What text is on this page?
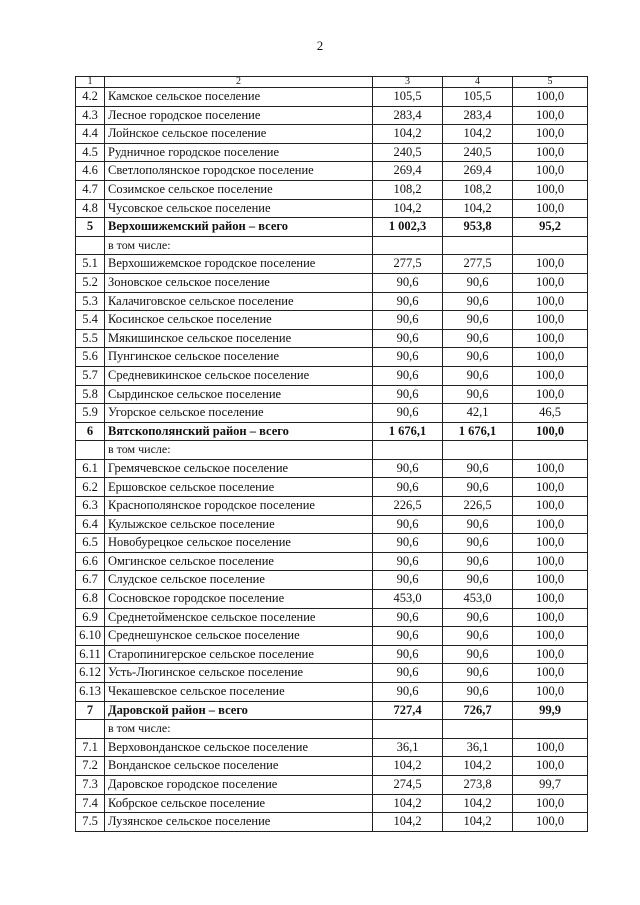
2
1	2	3	4	5
4.2	Камское сельское поселение	105,5	105,5	100,0
4.3	Лесное городское поселение	283,4	283,4	100,0
4.4	Лойнское сельское поселение	104,2	104,2	100,0
4.5	Рудничное городское поселение	240,5	240,5	100,0
4.6	Светлополянское городское поселение	269,4	269,4	100,0
4.7	Созимское сельское поселение	108,2	108,2	100,0
4.8	Чусовское сельское поселение	104,2	104,2	100,0
5	Верхошижемский район – всего	1 002,3	953,8	95,2
	в том числе:			
5.1	Верхошижемское городское поселение	277,5	277,5	100,0
5.2	Зоновское сельское поселение	90,6	90,6	100,0
5.3	Калачиговское сельское поселение	90,6	90,6	100,0
5.4	Косинское сельское поселение	90,6	90,6	100,0
5.5	Мякишинское сельское поселение	90,6	90,6	100,0
5.6	Пунгинское сельское поселение	90,6	90,6	100,0
5.7	Средневикинское сельское поселение	90,6	90,6	100,0
5.8	Сырдинское сельское поселение	90,6	90,6	100,0
5.9	Угорское сельское поселение	90,6	42,1	46,5
6	Вятскополянский район – всего	1 676,1	1 676,1	100,0
	в том числе:			
6.1	Гремячевское сельское поселение	90,6	90,6	100,0
6.2	Ершовское сельское поселение	90,6	90,6	100,0
6.3	Краснополянское городское поселение	226,5	226,5	100,0
6.4	Кулыжское сельское поселение	90,6	90,6	100,0
6.5	Новобурецкое сельское поселение	90,6	90,6	100,0
6.6	Омгинское сельское поселение	90,6	90,6	100,0
6.7	Слудское сельское поселение	90,6	90,6	100,0
6.8	Сосновское городское поселение	453,0	453,0	100,0
6.9	Среднетойменское сельское поселение	90,6	90,6	100,0
6.10	Среднешунское сельское поселение	90,6	90,6	100,0
6.11	Старопинигерское сельское поселение	90,6	90,6	100,0
6.12	Усть-Люгинское сельское поселение	90,6	90,6	100,0
6.13	Чекашевское сельское поселение	90,6	90,6	100,0
7	Даровской район – всего	727,4	726,7	99,9
	в том числе:			
7.1	Верховонданское сельское поселение	36,1	36,1	100,0
7.2	Вонданское сельское поселение	104,2	104,2	100,0
7.3	Даровское городское поселение	274,5	273,8	99,7
7.4	Кобрское сельское поселение	104,2	104,2	100,0
7.5	Лузянское сельское поселение	104,2	104,2	100,0
